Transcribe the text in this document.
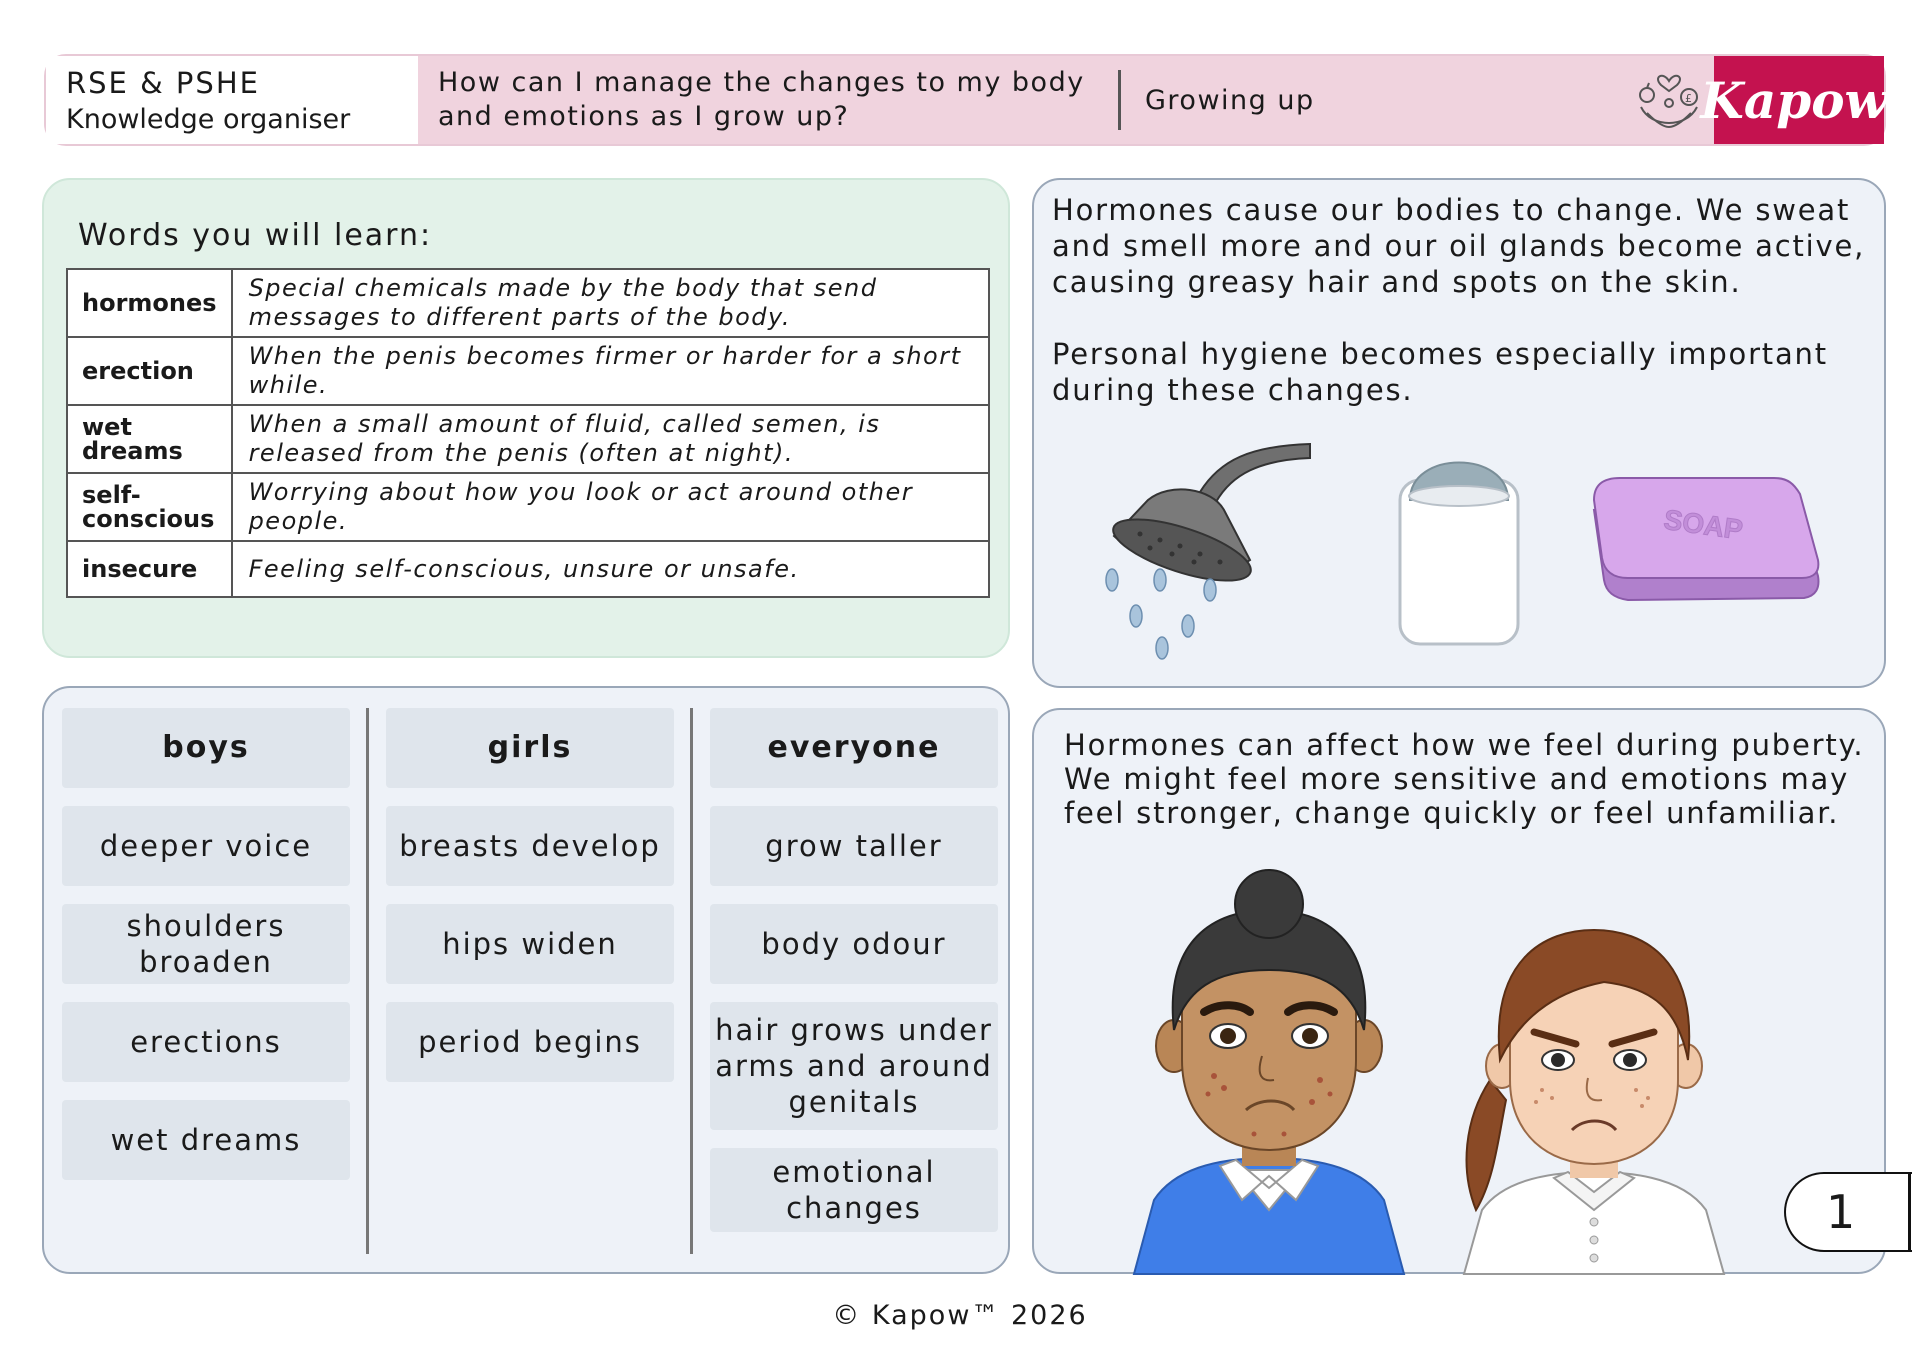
RSE & PSHE
Knowledge organiser
How can I manage the changes to my body
and emotions as I grow up?
Growing up	£ Kapow™
Words you will learn:
hormones	Special chemicals made by the body that send messages to different parts of the body.
erection	When the penis becomes firmer or harder for a short while.
wet dreams	When a small amount of fluid, called semen, is released from the penis (often at night).
self-conscious	Worrying about how you look or act around other people.
insecure	Feeling self-conscious, unsure or unsafe.

Hormones cause our bodies to change. We sweat and smell more and our oil glands become active, causing greasy hair and spots on the skin.

Personal hygiene becomes especially important during these changes.

SOAP
boys
deeper voice
shoulders broaden
erections
wet dreams
girls
breasts develop
hips widen
period begins
everyone
grow taller
body odour
hair grows under arms and around genitals
emotional changes
Hormones can affect how we feel during puberty. We might feel more sensitive and emotions may feel stronger, change quickly or feel unfamiliar.
1
© Kapow™ 2026
